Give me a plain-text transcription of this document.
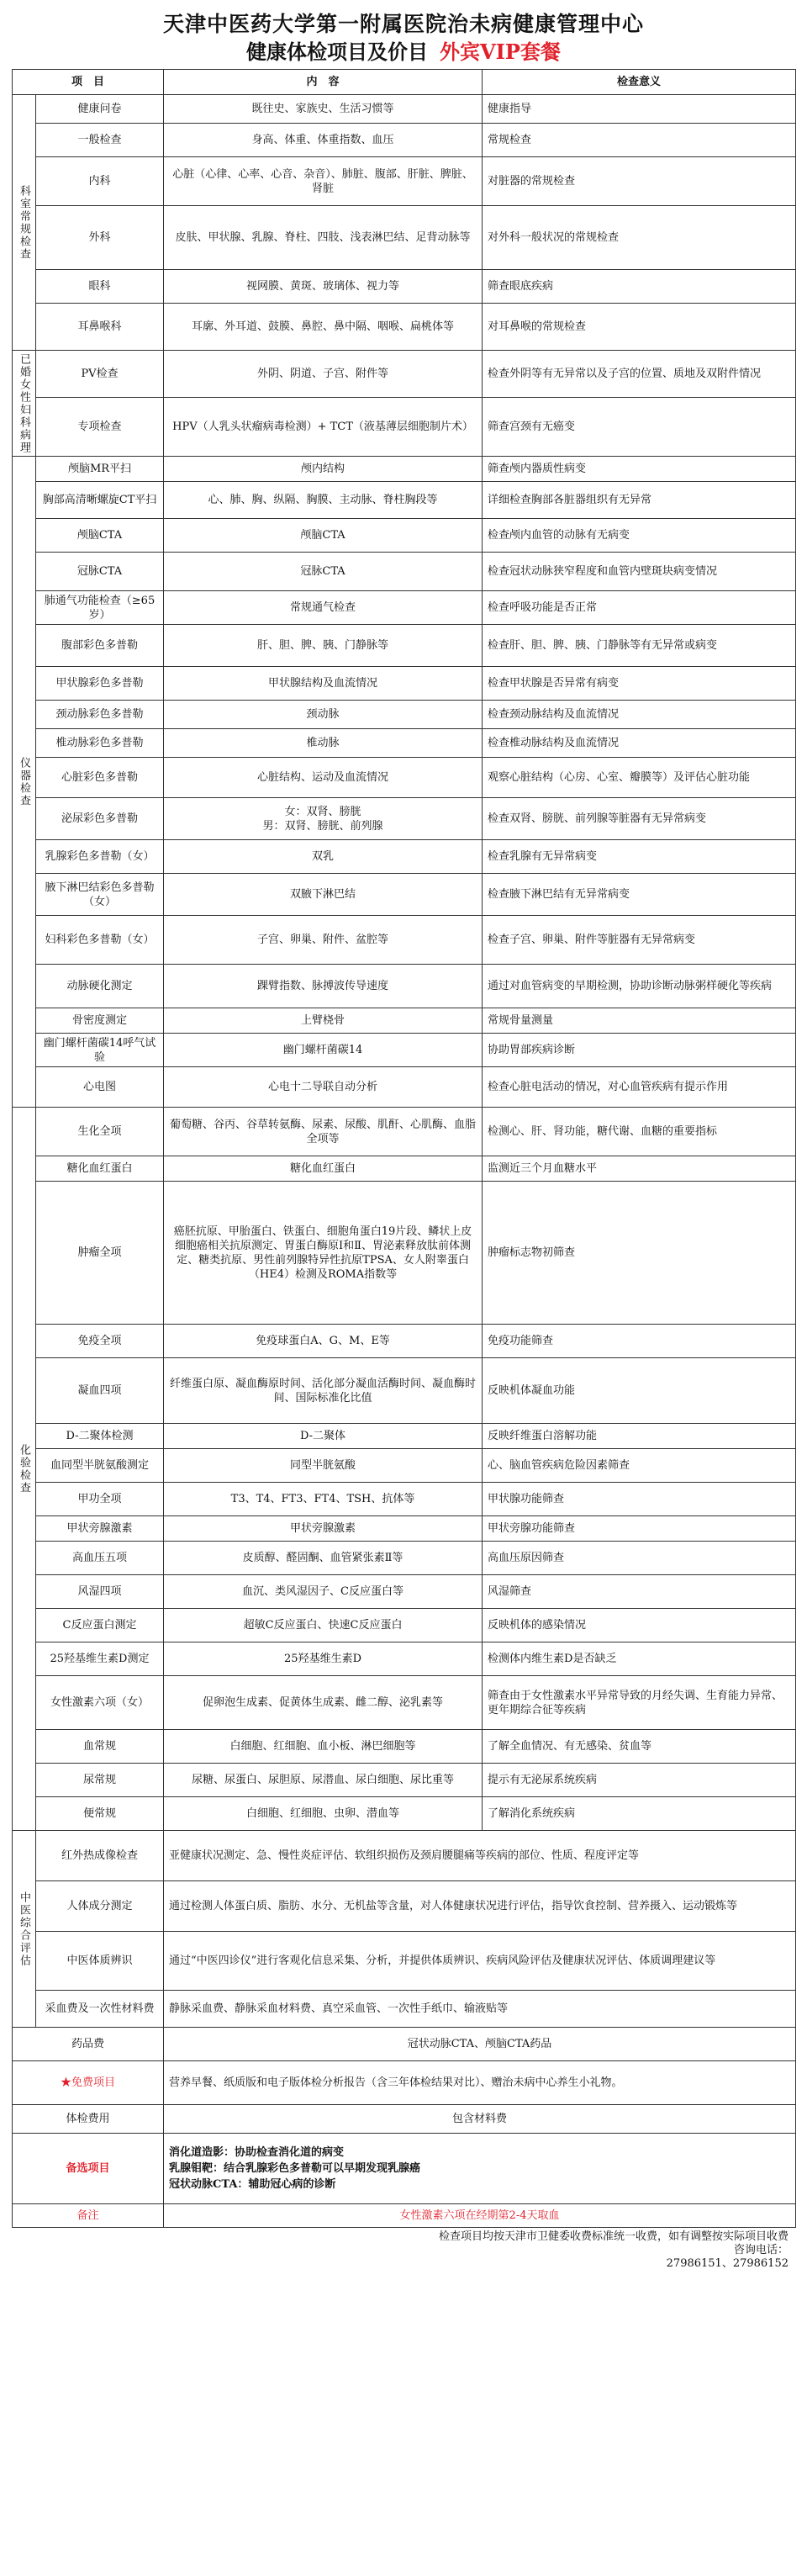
天津中医药大学第一附属医院治未病健康管理中心
健康体检项目及价目 外宾VIP套餐
项　目		内　容	检查意义
科室常规检查	健康问卷	既往史、家族史、生活习惯等	健康指导
	一般检查	身高、体重、体重指数、血压	常规检查
	内科	心脏（心律、心率、心音、杂音）、肺脏、腹部、肝脏、脾脏、肾脏	对脏器的常规检查
	外科	皮肤、甲状腺、乳腺、脊柱、四肢、浅表淋巴结、足背动脉等	对外科一般状况的常规检查
	眼科	视网膜、黄斑、玻璃体、视力等	筛查眼底疾病
	耳鼻喉科	耳廓、外耳道、鼓膜、鼻腔、鼻中隔、咽喉、扁桃体等	对耳鼻喉的常规检查
已婚女性妇科病理	PV检查	外阴、阴道、子宫、附件等	检查外阴等有无异常以及子宫的位置、质地及双附件情况
	专项检查	HPV（人乳头状瘤病毒检测）+ TCT（液基薄层细胞制片术）	筛查宫颈有无癌变
仪器检查	颅脑MR平扫	颅内结构	筛查颅内器质性病变
	胸部高清晰螺旋CT平扫	心、肺、胸、纵隔、胸膜、主动脉、脊柱胸段等	详细检查胸部各脏器组织有无异常
	颅脑CTA	颅脑CTA	检查颅内血管的动脉有无病变
	冠脉CTA	冠脉CTA	检查冠状动脉狭窄程度和血管内壁斑块病变情况
	肺通气功能检查（≥65岁）	常规通气检查	检查呼吸功能是否正常
	腹部彩色多普勒	肝、胆、脾、胰、门静脉等	检查肝、胆、脾、胰、门静脉等有无异常或病变
	甲状腺彩色多普勒	甲状腺结构及血流情况	检查甲状腺是否异常有病变
	颈动脉彩色多普勒	颈动脉	检查颈动脉结构及血流情况
	椎动脉彩色多普勒	椎动脉	检查椎动脉结构及血流情况
	心脏彩色多普勒	心脏结构、运动及血流情况	观察心脏结构（心房、心室、瓣膜等）及评估心脏功能
	泌尿彩色多普勒	女：双肾、膀胱
男：双肾、膀胱、前列腺	检查双肾、膀胱、前列腺等脏器有无异常病变
	乳腺彩色多普勒（女）	双乳	检查乳腺有无异常病变
	腋下淋巴结彩色多普勒（女）	双腋下淋巴结	检查腋下淋巴结有无异常病变
	妇科彩色多普勒（女）	子宫、卵巢、附件、盆腔等	检查子宫、卵巢、附件等脏器有无异常病变
	动脉硬化测定	踝臂指数、脉搏波传导速度	通过对血管病变的早期检测，协助诊断动脉粥样硬化等疾病
	骨密度测定	上臂桡骨	常规骨量测量
	幽门螺杆菌碳14呼气试验	幽门螺杆菌碳14	协助胃部疾病诊断
	心电图	心电十二导联自动分析	检查心脏电活动的情况，对心血管疾病有提示作用
化验检查	生化全项	葡萄糖、谷丙、谷草转氨酶、尿素、尿酸、肌酐、心肌酶、血脂全项等	检测心、肝、肾功能，糖代谢、血糖的重要指标
	糖化血红蛋白	糖化血红蛋白	监测近三个月血糖水平
	肿瘤全项	癌胚抗原、甲胎蛋白、铁蛋白、细胞角蛋白19片段、鳞状上皮细胞癌相关抗原测定、胃蛋白酶原Ⅰ和Ⅱ、胃泌素释放肽前体测定、糖类抗原、男性前列腺特异性抗原TPSA、女人附睾蛋白（HE4）检测及ROMA指数等	肿瘤标志物初筛查
	免疫全项	免疫球蛋白A、G、M、E等	免疫功能筛查
	凝血四项	纤维蛋白原、凝血酶原时间、活化部分凝血活酶时间、凝血酶时间、国际标准化比值	反映机体凝血功能
	D-二聚体检测	D-二聚体	反映纤维蛋白溶解功能
	血同型半胱氨酸测定	同型半胱氨酸	心、脑血管疾病危险因素筛查
	甲功全项	T3、T4、FT3、FT4、TSH、抗体等	甲状腺功能筛查
	甲状旁腺激素	甲状旁腺激素	甲状旁腺功能筛查
	高血压五项	皮质醇、醛固酮、血管紧张素Ⅱ等	高血压原因筛查
	风湿四项	血沉、类风湿因子、C反应蛋白等	风湿筛查
	C反应蛋白测定	超敏C反应蛋白、快速C反应蛋白	反映机体的感染情况
	25羟基维生素D测定	25羟基维生素D	检测体内维生素D是否缺乏
	女性激素六项（女）	促卵泡生成素、促黄体生成素、雌二醇、泌乳素等	筛查由于女性激素水平异常导致的月经失调、生育能力异常、更年期综合征等疾病
	血常规	白细胞、红细胞、血小板、淋巴细胞等	了解全血情况、有无感染、贫血等
	尿常规	尿糖、尿蛋白、尿胆原、尿潜血、尿白细胞、尿比重等	提示有无泌尿系统疾病
	便常规	白细胞、红细胞、虫卵、潜血等	了解消化系统疾病
中医综合评估	红外热成像检查	亚健康状况测定、急、慢性炎症评估、软组织损伤及颈肩腰腿痛等疾病的部位、性质、程度评定等	
	人体成分测定	通过检测人体蛋白质、脂肪、水分、无机盐等含量，对人体健康状况进行评估，指导饮食控制、营养摄入、运动锻炼等	
	中医体质辨识	通过“中医四诊仪”进行客观化信息采集、分析，并提供体质辨识、疾病风险评估及健康状况评估、体质调理建议等	
	采血费及一次性材料费	静脉采血费、静脉采血材料费、真空采血管、一次性手纸巾、输液贴等	
药品费		冠状动脉CTA、颅脑CTA药品	
★免费项目		营养早餐、纸质版和电子版体检分析报告（含三年体检结果对比）、赠治未病中心养生小礼物。	
体检费用		包含材料费	
备选项目		消化道造影：协助检查消化道的病变
乳腺钼靶：结合乳腺彩色多普勒可以早期发现乳腺癌
冠状动脉CTA：辅助冠心病的诊断	

备注		女性激素六项在经期第2-4天取血	
检查项目均按天津市卫健委收费标准统一收费，如有调整按实际项目收费
咨询电话：
27986151、27986152
